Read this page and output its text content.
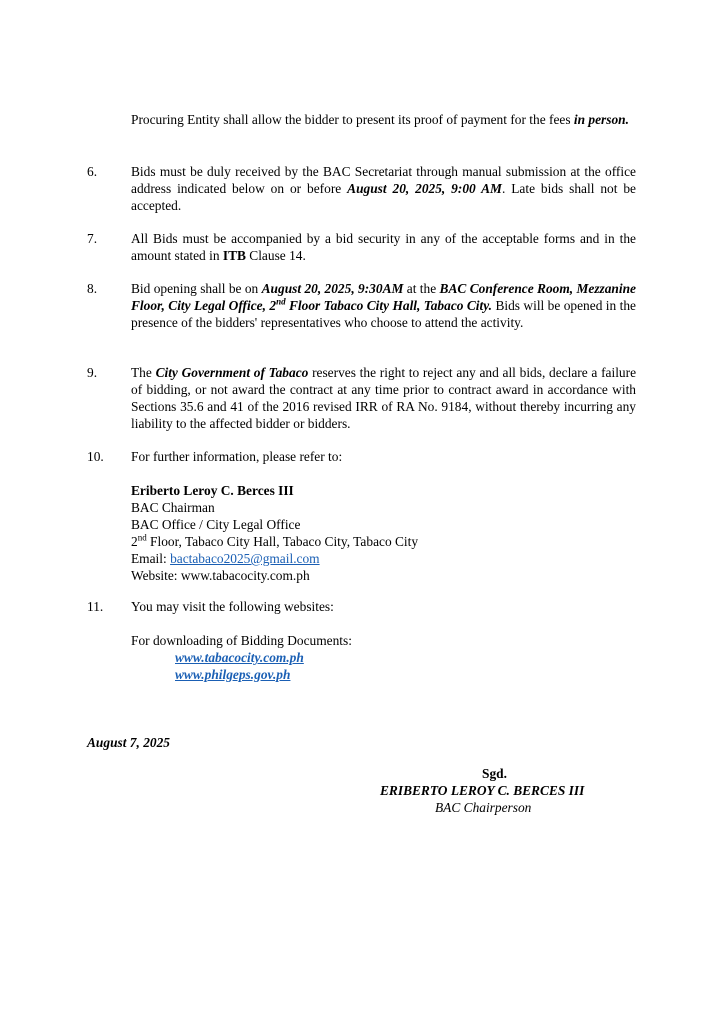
Procuring Entity shall allow the bidder to present its proof of payment for the fees in person.
6.	Bids must be duly received by the BAC Secretariat through manual submission at the office address indicated below on or before August 20, 2025, 9:00 AM. Late bids shall not be accepted.
7.	All Bids must be accompanied by a bid security in any of the acceptable forms and in the amount stated in ITB Clause 14.
8.	Bid opening shall be on August 20, 2025, 9:30AM at the BAC Conference Room, Mezzanine Floor, City Legal Office, 2nd Floor Tabaco City Hall, Tabaco City. Bids will be opened in the presence of the bidders' representatives who choose to attend the activity.
9.	The City Government of Tabaco reserves the right to reject any and all bids, declare a failure of bidding, or not award the contract at any time prior to contract award in accordance with Sections 35.6 and 41 of the 2016 revised IRR of RA No. 9184, without thereby incurring any liability to the affected bidder or bidders.
10. For further information, please refer to:
Eriberto Leroy C. Berces III
BAC Chairman
BAC Office / City Legal Office
2nd Floor, Tabaco City Hall, Tabaco City, Tabaco City
Email: bactabaco2025@gmail.com
Website: www.tabacocity.com.ph
11. You may visit the following websites:
For downloading of Bidding Documents:
www.tabacocity.com.ph
www.philgeps.gov.ph
August 7, 2025
Sgd.
ERIBERTO LEROY C. BERCES III
BAC Chairperson
